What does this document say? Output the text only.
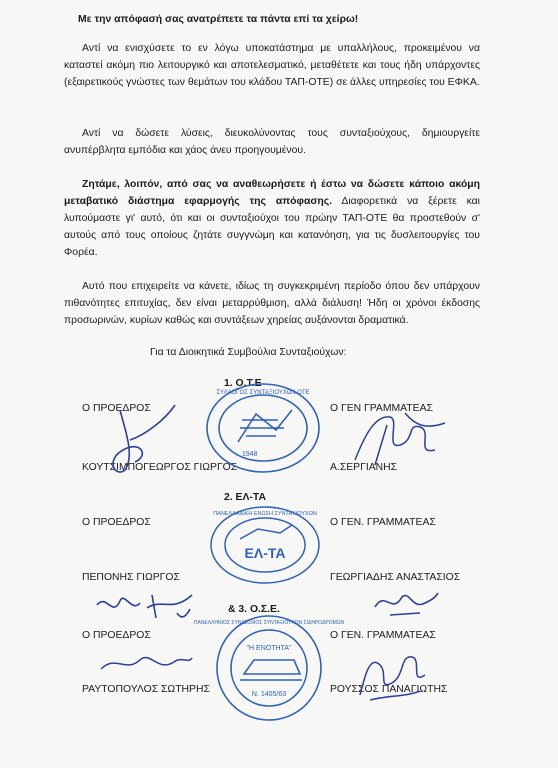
Με την απόφασή σας ανατρέπετε τα πάντα επί τα χείρω!
Αντί να ενισχύσετε το εν λόγω υποκατάστημα με υπαλλήλους, προκειμένου να καταστεί ακόμη πιο λειτουργικό και αποτελεσματικό, μεταθέτετε και τους ήδη υπάρχοντες (εξαιρετικούς γνώστες των θεμάτων του κλάδου ΤΑΠ-ΟΤΕ) σε άλλες υπηρεσίες του ΕΦΚΑ.
Αντί να δώσετε λύσεις, διευκολύνοντας τους συνταξιούχους, δημιουργείτε ανυπέρβλητα εμπόδια και χάος άνευ προηγουμένου.
Ζητάμε, λοιπόν, από σας να αναθεωρήσετε ή έστω να δώσετε κάποιο ακόμη μεταβατικό διάστημα εφαρμογής της απόφασης. Διαφορετικά να ξέρετε και λυπούμαστε γι' αυτό, ότι και οι συνταξιούχοι του πρώην ΤΑΠ-ΟΤΕ θα προστεθούν σ' αυτούς από τους οποίους ζητάτε συγγνώμη και κατανόηση, για τις δυσλειτουργίες του Φορέα.
Αυτό που επιχειρείτε να κάνετε, ιδίως τη συγκεκριμένη περίοδο όπου δεν υπάρχουν πιθανότητες επιτυχίας, δεν είναι μεταρρύθμιση, αλλά διάλυση! Ήδη οι χρόνοι έκδοσης προσωρινών, κυρίων καθώς και συντάξεων χηρείας αυξάνονται δραματικά.
Για τα Διοικητικά Συμβούλια Συνταξιούχων:
1. Ο.Τ.Ε
Ο ΠΡΟΕΔΡΟΣ	Ο ΓΕΝ ΓΡΑΜΜΑΤΕΑΣ
ΚΟΥΤΣΙΜΠΟΓΕΩΡΓΟΣ ΓΙΩΡΓΟΣ	Α.ΣΕΡΓΙΑΝΗΣ
ΣΥΛΛΟΓΟΣ ΣΥΝΤΑΞΙΟΥΧΩΝ ΟΤΕ
1948
2. ΕΛ-ΤΑ
Ο ΠΡΟΕΔΡΟΣ	Ο ΓΕΝ. ΓΡΑΜΜΑΤΕΑΣ
ΠΕΠΟΝΗΣ ΓΙΩΡΓΟΣ	ΓΕΩΡΓΙΑΔΗΣ ΑΝΑΣΤΑΣΙΟΣ
ΠΑΝΕΛΛΑΔΙΚΗ ΕΝΩΣΗ ΣΥΝΤΑΞΙΟΥΧΩΝ
ΕΛ-ΤΑ
& 3. Ο.Σ.Ε.
Ο ΠΡΟΕΔΡΟΣ	Ο ΓΕΝ. ΓΡΑΜΜΑΤΕΑΣ
ΡΑΥΤΟΠΟΥΛΟΣ ΣΩΤΗΡΗΣ	ΡΟΥΣΣΟΣ ΠΑΝΑΓΙΩΤΗΣ
ΠΑΝΕΛΛΗΝΙΟΣ ΣΥΝΔΕΣΜΟΣ ΣΥΝΤΑΞΙΟΥΧΩΝ ΣΙΔΗΡΟΔΡΟΜΩΝ
"Η ΕΝΟΤΗΤΑ"
Ν. 1405/63
